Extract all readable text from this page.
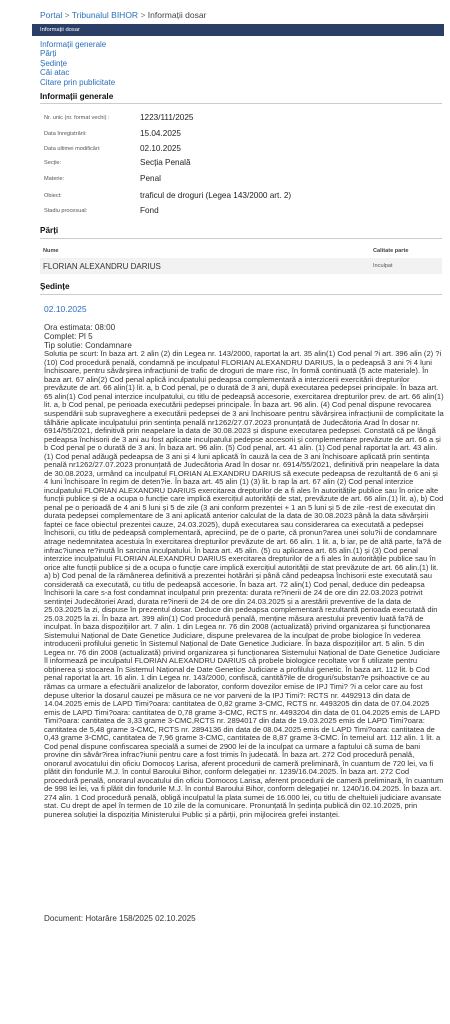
Portal > Tribunalul BIHOR > Informații dosar
Informații dosar
Informații generale
Părți
Ședințe
Căi atac
Citare prin publicitate
Informații generale
Nr. unic (nr. format vechi) :	1223/111/2025
Data înregistrării:	15.04.2025
Data ultimei modificări:	02.10.2025
Secție:	Secția Penală
Materie:	Penal
Obiect:	traficul de droguri (Legea 143/2000 art. 2)
Stadiu procesual:	Fond
Părți
Nume	Calitate parte
FLORIAN ALEXANDRU DARIUS	Inculpat
Ședințe
02.10.2025
Ora estimata: 08:00
Complet: Pl 5
Tip solutie: Condamnare
Solutia pe scurt: În baza art. 2 alin (2) din Legea nr. 143/2000, raportat la art. 35 alin(1) Cod penal ?i art. 396 alin (2) ?i (10) Cod procedură penală, condamnă pe inculpatul FLORIAN ALEXANDRU DARIUS, la o pedeapsă 3 ani ?i 4 luni închisoare, pentru săvârșirea infracțiunii de trafic de droguri de mare risc, în formă continuată (5 acte materiale). În baza art. 67 alin(2) Cod penal aplică inculpatului pedeapsa complementară a interzicerii exercitării drepturilor prevăzute de art. 66 alin(1) lit. a, b Cod penal, pe o durată de 3 ani, după executarea pedepsei principale. În baza art. 65 alin(1) Cod penal interzice inculpatului, cu titlu de pedeapsă accesorie, exercitarea drepturilor prev. de art. 66 alin(1) lit. a, b Cod penal, pe perioada executării pedepsei principale. În baza art. 96 alin. (4) Cod penal dispune revocarea suspendării sub supraveghere a executării pedepsei de 3 ani închisoare pentru săvârșirea infracțiunii de complicitate la tâlhărie aplicate inculpatului prin sentința penală nr1262/27.07.2023 pronunțată de Judecătoria Arad în dosar nr. 6914/55/2021, definitivă prin neapelare la data de 30.08.2023 și dispune executarea pedepsei. Constată că pe lângă pedeapsa închisorii de 3 ani au fost aplicate inculpatului pedepse accesorii și complementare prevăzute de art. 66 a și b Cod penal pe o durată de 3 ani. În baza art. 96 alin. (5) Cod penal, art. 41 alin. (1) Cod penal raportat la art. 43 alin. (1) Cod penal adăugă pedeapsa de 3 ani și 4 luni aplicată în cauză la cea de 3 ani închisoare aplicată prin sentința penală nr1262/27.07.2023 pronunțată de Judecătoria Arad în dosar nr. 6914/55/2021, definitivă prin neapelare la data de 30.08.2023, urmând ca inculpatul FLORIAN ALEXANDRU DARIUS să execute pedeapsa de rezultantă de 6 ani și 4 luni închisoare în regim de deten?ie. În baza art. 45 alin (1) (3) lit. b rap la art. 67 alin (2) Cod penal interzice inculpatului FLORIAN ALEXANDRU DARIUS exercitarea drepturilor de a fi ales în autoritățile publice sau în orice alte funcții publice și de a ocupa o funcție care implică exercițiul autorității de stat, prevăzute de art. 66 alin.(1) lit. a), b) Cod penal pe o perioadă de 4 ani 5 luni și 5 de zile (3 ani conform prezentei + 1 an 5 luni și 5 de zile -rest de executat din durata pedepsei complementare de 3 ani aplicată anterior calculat de la data de 30.08.2023 până la data săvârșirii faptei ce face obiectul prezentei cauze, 24.03.2025), după executarea sau considerarea ca executată a pedepsei închisorii, cu titlu de pedeapsă complementară, apreciind, pe de o parte, că pronun?area unei solu?ii de condamnare atrage nedemnitatea acestuia în exercitarea drepturilor prevăzute de art. 66 alin. 1 lit. a, b iar, pe de altă parte, fa?ă de infrac?iunea re?inută în sarcina inculpatului. În baza art. 45 alin. (5) cu aplicarea art. 65 alin.(1) și (3) Cod penal interzice inculpatului FLORIAN ALEXANDRU DARIUS exercitarea drepturilor de a fi ales în autoritățile publice sau în orice alte funcții publice și de a ocupa o funcție care implică exercițiul autorității de stat prevăzute de art. 66 alin.(1) lit. a) b) Cod penal de la rămânerea definitivă a prezentei hotărâri și până când pedeapsa închisorii este executată sau considerată ca executată, cu titlu de pedeapsă accesorie. În baza art. 72 alin(1) Cod penal, deduce din pedeapsa închisorii la care s-a fost condamnat inculpatul prin prezenta: durata re?inerii de 24 de ore din 22.03.2023 potrivit sentinței Judecătoriei Arad, durata re?inerii de 24 de ore din 24.03.2025 și a arestării preventive de la data de 25.03.2025 la zi, dispuse în prezentul dosar. Deduce din pedeapsa complementară rezultantă perioada executată din 25.03.2025 la zi. În baza art. 399 alin(1) Cod procedură penală, menține măsura arestului preventiv luată fa?ă de inculpat. În baza dispozițiilor art. 7 alin. 1 din Legea nr. 76 din 2008 (actualizată) privind organizarea și funcționarea Sistemului Național de Date Genetice Judiciare, dispune prelevarea de la inculpat de probe biologice în vederea introducerii profilului genetic în Sistemul Național de Date Genetice Judiciare. În baza dispozițiilor art. 5 alin. 5 din Legea nr. 76 din 2008 (actualizată) privind organizarea și funcționarea Sistemului Național de Date Genetice Judiciare îl informează pe inculpatul FLORIAN ALEXANDRU DARIUS că probele biologice recoltate vor fi utilizate pentru obținerea și stocarea în Sistemul Național de Date Genetice Judiciare a profilului genetic. În baza art. 112 lit. b Cod penal raportat la art. 16 alin. 1 din Legea nr. 143/2000, confiscă, cantită?ile de droguri/substan?e psihoactive ce au rămas ca urmare a efectuării analizelor de laborator, conform dovezilor emise de IPJ Timi? ?i a celor care au fost depuse ulterior la dosarul cauzei pe măsura ce ne vor parveni de la IPJ Timi?: RCTS nr. 4492913 din data de 14.04.2025 emis de LAPD Timi?oara: cantitatea de 0,82 grame 3-CMC, RCTS nr. 4493205 din data de 07.04.2025 emis de LAPD Timi?oara: cantitatea de 0,78 grame 3-CMC, RCTS nr. 4493204 din data de 01.04.2025 emis de LAPD Timi?oara: cantitatea de 3,33 grame 3-CMC,RCTS nr. 2894017 din data de 19.03.2025 emis de LAPD Timi?oara: cantitatea de 5,48 grame 3-CMC, RCTS nr. 2894136 din data de 08.04.2025 emis de LAPD Timi?oara: cantitatea de 0,43 grame 3-CMC, cantitatea de 7,96 grame 3-CMC, cantitatea de 8,87 grame 3-CMC. În temeiul art. 112 alin. 1 lit. a Cod penal dispune confiscarea specială a sumei de 2900 lei de la inculpat ca urmare a faptului că suma de bani provine din săvâr?irea infrac?iunii pentru care a fost trimis în judecată. În baza art. 272 Cod procedură penală, onorarul avocatului din oficiu Domocoș Larisa, aferent procedurii de cameră preliminară, în cuantum de 720 lei, va fi plătit din fondurile M.J. în contul Baroului Bihor, conform delegației nr. 1239/16.04.2025. În baza art. 272 Cod procedură penală, onorarul avocatului din oficiu Domocoș Larisa, aferent procedurii de cameră preliminară, în cuantum de 998 lei lei, va fi plătit din fondurile M.J. în contul Baroului Bihor, conform delegației nr. 1240/16.04.2025. În baza art. 274 alin. 1 Cod procedură penală, obligă inculpatul la plata sumei de 16.000 lei, cu titlu de cheltuieli judiciare avansate stat. Cu drept de apel în termen de 10 zile de la comunicare. Pronunțată în ședința publică din 02.10.2025, prin punerea soluției la dispoziția Ministerului Public și a părții, prin mijlocirea grefei instanței.
Document: Hotarâre 158/2025 02.10.2025
